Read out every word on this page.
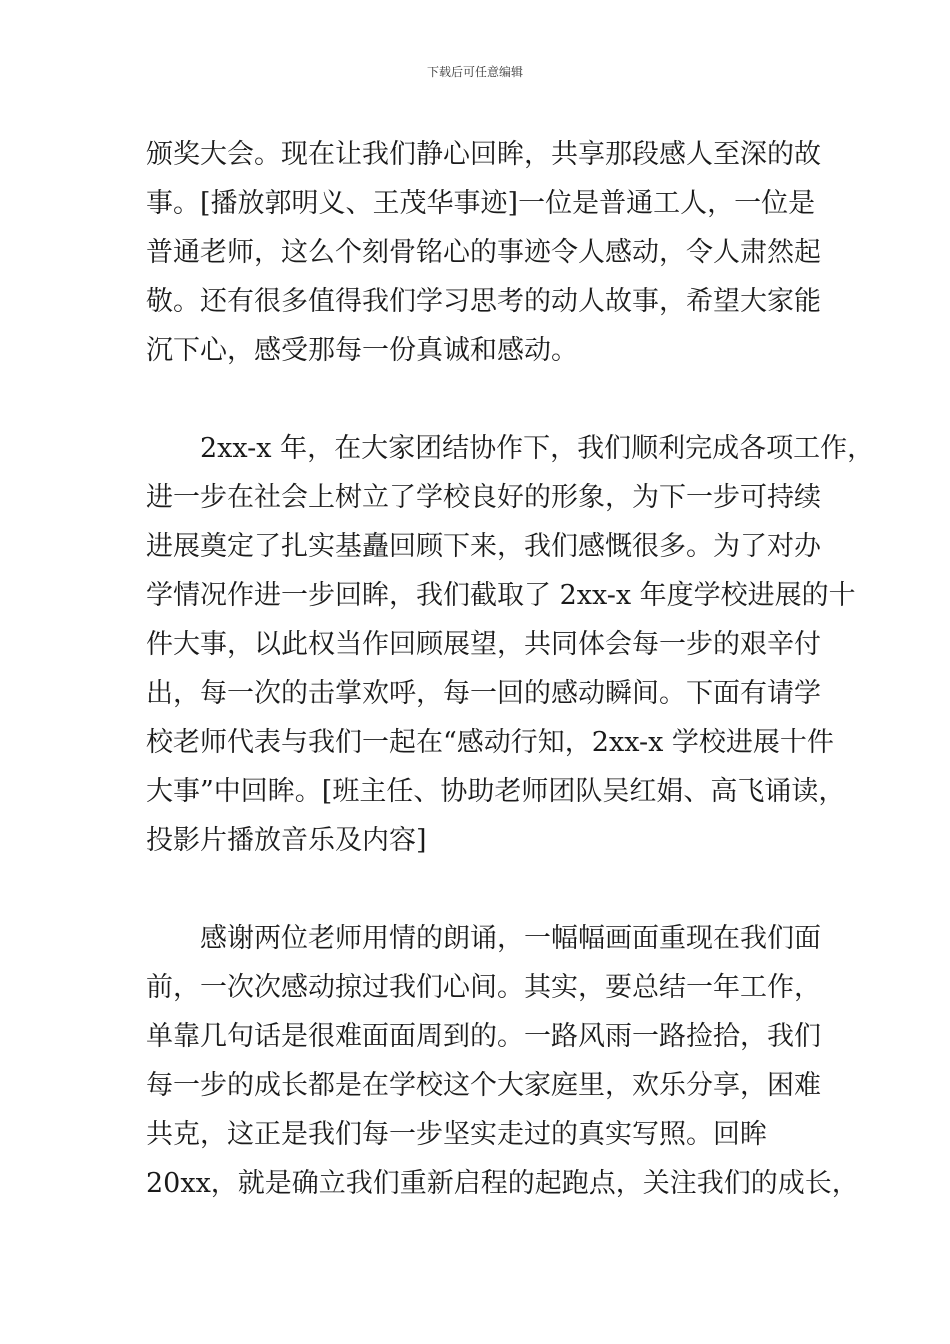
下载后可任意编辑
颁奖大会。现在让我们静心回眸，共享那段感人至深的故
事。[播放郭明义、王茂华事迹]一位是普通工人，一位是
普通老师，这么个刻骨铭心的事迹令人感动，令人肃然起
敬。还有很多值得我们学习思考的动人故事，希望大家能
沉下心，感受那每一份真诚和感动。
2xx-x 年，在大家团结协作下，我们顺利完成各项工作，
进一步在社会上树立了学校良好的形象，为下一步可持续
进展奠定了扎实基矗回顾下来，我们感慨很多。为了对办
学情况作进一步回眸，我们截取了 2xx-x 年度学校进展的十
件大事，以此权当作回顾展望，共同体会每一步的艰辛付
出，每一次的击掌欢呼，每一回的感动瞬间。下面有请学
校老师代表与我们一起在“感动行知，2xx-x 学校进展十件
大事”中回眸。[班主任、协助老师团队吴红娟、高飞诵读，
投影片播放音乐及内容]
感谢两位老师用情的朗诵，一幅幅画面重现在我们面
前，一次次感动掠过我们心间。其实，要总结一年工作，
单靠几句话是很难面面周到的。一路风雨一路捡拾，我们
每一步的成长都是在学校这个大家庭里，欢乐分享，困难
共克，这正是我们每一步坚实走过的真实写照。回眸
20xx，就是确立我们重新启程的起跑点，关注我们的成长，
